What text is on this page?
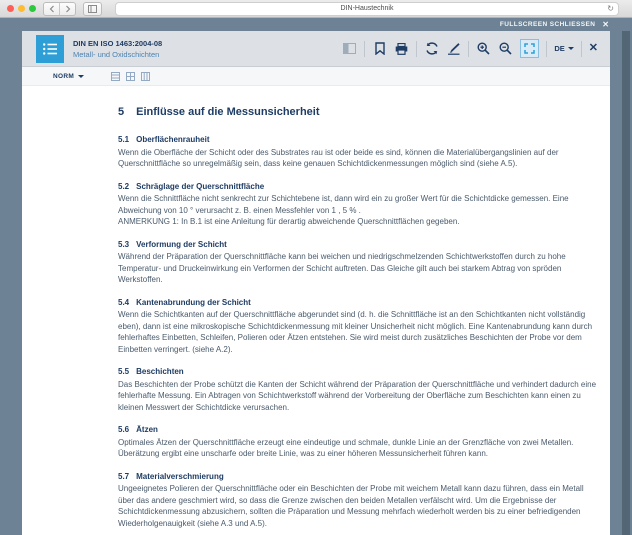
DIN-Haustechnik	↻
FULLSCREEN SCHLIESSEN ✕
DIN EN ISO 1463:2004-08
Metall- und Oxidschichten
DE ✕
NORM
5 Einflüsse auf die Messunsicherheit
5.1 Oberflächenrauheit

Wenn die Oberfläche der Schicht oder des Substrates rau ist oder beide es sind, können die Materialübergangslinien auf der Querschnittfläche so unregelmäßig sein, dass keine genauen Schichtdickenmessungen möglich sind (siehe A.5).

5.2 Schräglage der Querschnittfläche

Wenn die Schnittfläche nicht senkrecht zur Schichtebene ist, dann wird ein zu großer Wert für die Schichtdicke gemessen. Eine Abweichung von 10 ° verursacht z. B. einen Messfehler von 1 , 5 % .

ANMERKUNG 1: In B.1 ist eine Anleitung für derartig abweichende Querschnittflächen gegeben.

5.3 Verformung der Schicht

Während der Präparation der Querschnittfläche kann bei weichen und niedrigschmelzenden Schichtwerkstoffen durch zu hohe Temperatur- und Druckeinwirkung ein Verformen der Schicht auftreten. Das Gleiche gilt auch bei starkem Abtrag von spröden Werkstoffen.

5.4 Kantenabrundung der Schicht

Wenn die Schichtkanten auf der Querschnittfläche abgerundet sind (d. h. die Schnittfläche ist an den Schichtkanten nicht vollständig eben), dann ist eine mikroskopische Schichtdickenmessung mit kleiner Unsicherheit nicht möglich. Eine Kantenabrundung kann durch fehlerhaftes Einbetten, Schleifen, Polieren oder Ätzen entstehen. Sie wird meist durch zusätzliches Beschichten der Probe vor dem Einbetten verringert. (siehe A.2).

5.5 Beschichten

Das Beschichten der Probe schützt die Kanten der Schicht während der Präparation der Querschnittfläche und verhindert dadurch eine fehlerhafte Messung. Ein Abtragen von Schichtwerkstoff während der Vorbereitung der Oberfläche zum Beschichten kann einen zu kleinen Messwert der Schichtdicke verursachen.

5.6 Ätzen

Optimales Ätzen der Querschnittfläche erzeugt eine eindeutige und schmale, dunkle Linie an der Grenzfläche von zwei Metallen. Überätzung ergibt eine unscharfe oder breite Linie, was zu einer höheren Messunsicherheit führen kann.

5.7 Materialverschmierung

Ungeeignetes Polieren der Querschnittfläche oder ein Beschichten der Probe mit weichem Metall kann dazu führen, dass ein Metall über das andere geschmiert wird, so dass die Grenze zwischen den beiden Metallen verfälscht wird. Um die Ergebnisse der Schichtdickenmessung abzusichern, sollten die Präparation und Messung mehrfach wiederholt werden bis zu einer befriedigenden Wiederholgenauigkeit (siehe A.3 und A.5).
